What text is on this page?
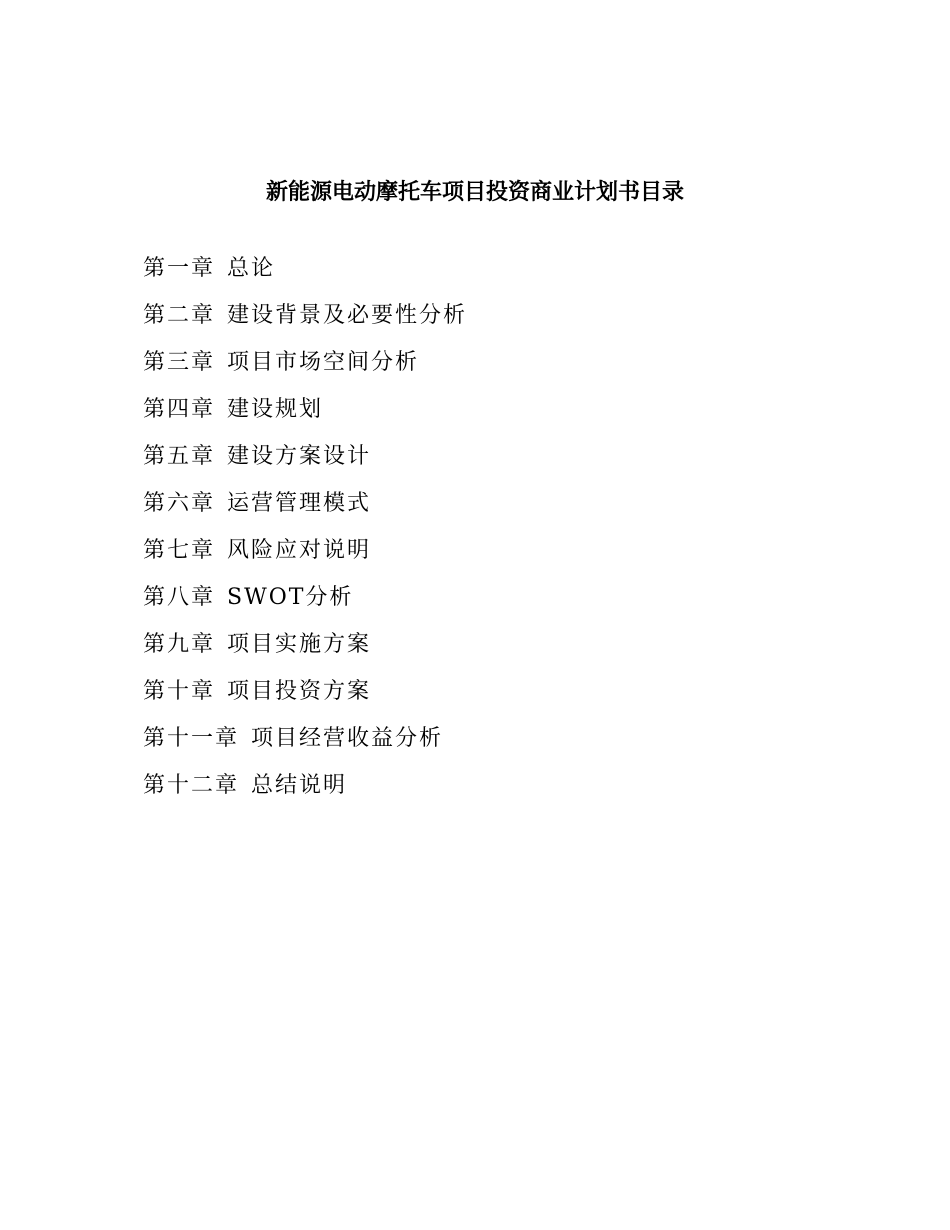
新能源电动摩托车项目投资商业计划书目录
第一章 总论
第二章 建设背景及必要性分析
第三章 项目市场空间分析
第四章 建设规划
第五章 建设方案设计
第六章 运营管理模式
第七章 风险应对说明
第八章 SWOT分析
第九章 项目实施方案
第十章 项目投资方案
第十一章 项目经营收益分析
第十二章 总结说明
